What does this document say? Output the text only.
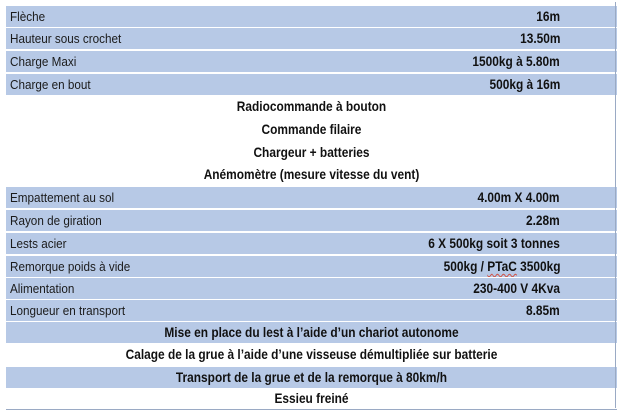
Flèche	16m
Hauteur sous crochet	13.50m
Charge Maxi	1500kg à 5.80m
Charge en bout	500kg à 16m
Radiocommande à bouton
Commande filaire
Chargeur + batteries
Anémomètre (mesure vitesse du vent)
Empattement au sol	4.00m X 4.00m
Rayon de giration	2.28m
Lests acier	6 X 500kg soit 3 tonnes
Remorque poids à vide	500kg / PTaC 3500kg
Alimentation	230-400 V 4Kva
Longueur en transport	8.85m
Mise en place du lest à l’aide d’un chariot autonome
Calage de la grue à l’aide d’une visseuse démultipliée sur batterie
Transport de la grue et de la remorque à 80km/h
Essieu freiné
